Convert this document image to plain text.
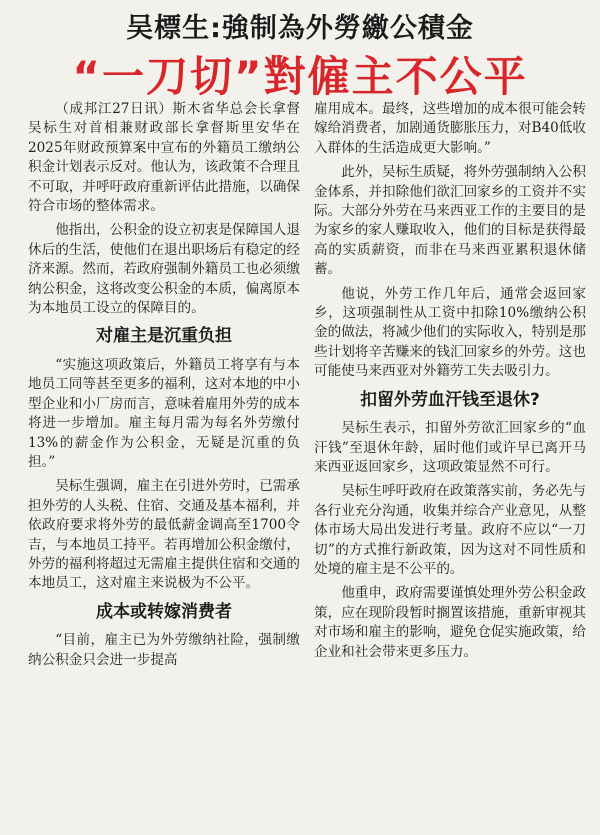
吴標生:強制為外勞繳公積金
“一刀切”對僱主不公平

（成邦江27日讯）斯木省华总会长拿督吴标生对首相兼财政部长拿督斯里安华在2025年财政预算案中宣布的外籍员工缴纳公积金计划表示反对。他认为，该政策不合理且不可取，并呼吁政府重新评估此措施，以确保符合市场的整体需求。

他指出，公积金的设立初衷是保障国人退休后的生活，使他们在退出职场后有稳定的经济来源。然而，若政府强制外籍员工也必须缴纳公积金，这将改变公积金的本质，偏离原本为本地员工设立的保障目的。

对雇主是沉重负担

“实施这项政策后，外籍员工将享有与本地员工同等甚至更多的福利，这对本地的中小型企业和小厂房而言，意味着雇用外劳的成本将进一步增加。雇主每月需为每名外劳缴付13%的薪金作为公积金，无疑是沉重的负担。”

吴标生强调，雇主在引进外劳时，已需承担外劳的人头税、住宿、交通及基本福利，并依政府要求将外劳的最低薪金调高至1700令吉，与本地员工持平。若再增加公积金缴付，外劳的福利将超过无需雇主提供住宿和交通的本地员工，这对雇主来说极为不公平。

成本或转嫁消费者

“目前，雇主已为外劳缴纳社险，强制缴纳公积金只会进一步提高

雇用成本。最终，这些增加的成本很可能会转嫁给消费者，加剧通货膨胀压力，对B40低收入群体的生活造成更大影响。”

此外，吴标生质疑，将外劳强制纳入公积金体系，并扣除他们欲汇回家乡的工资并不实际。大部分外劳在马来西亚工作的主要目的是为家乡的家人赚取收入，他们的目标是获得最高的实质薪资，而非在马来西亚累积退休储蓄。

他说，外劳工作几年后，通常会返回家乡，这项强制性从工资中扣除10%缴纳公积金的做法，将减少他们的实际收入，特别是那些计划将辛苦赚来的钱汇回家乡的外劳。这也可能使马来西亚对外籍劳工失去吸引力。

扣留外劳血汗钱至退休?

吴标生表示，扣留外劳欲汇回家乡的“血汗钱”至退休年龄，届时他们或许早已离开马来西亚返回家乡，这项政策显然不可行。

吴标生呼吁政府在政策落实前，务必先与各行业充分沟通，收集并综合产业意见，从整体市场大局出发进行考量。政府不应以“一刀切”的方式推行新政策，因为这对不同性质和处境的雇主是不公平的。

他重申，政府需要谨慎处理外劳公积金政策，应在现阶段暂时搁置该措施，重新审视其对市场和雇主的影响，避免仓促实施政策，给企业和社会带来更多压力。
